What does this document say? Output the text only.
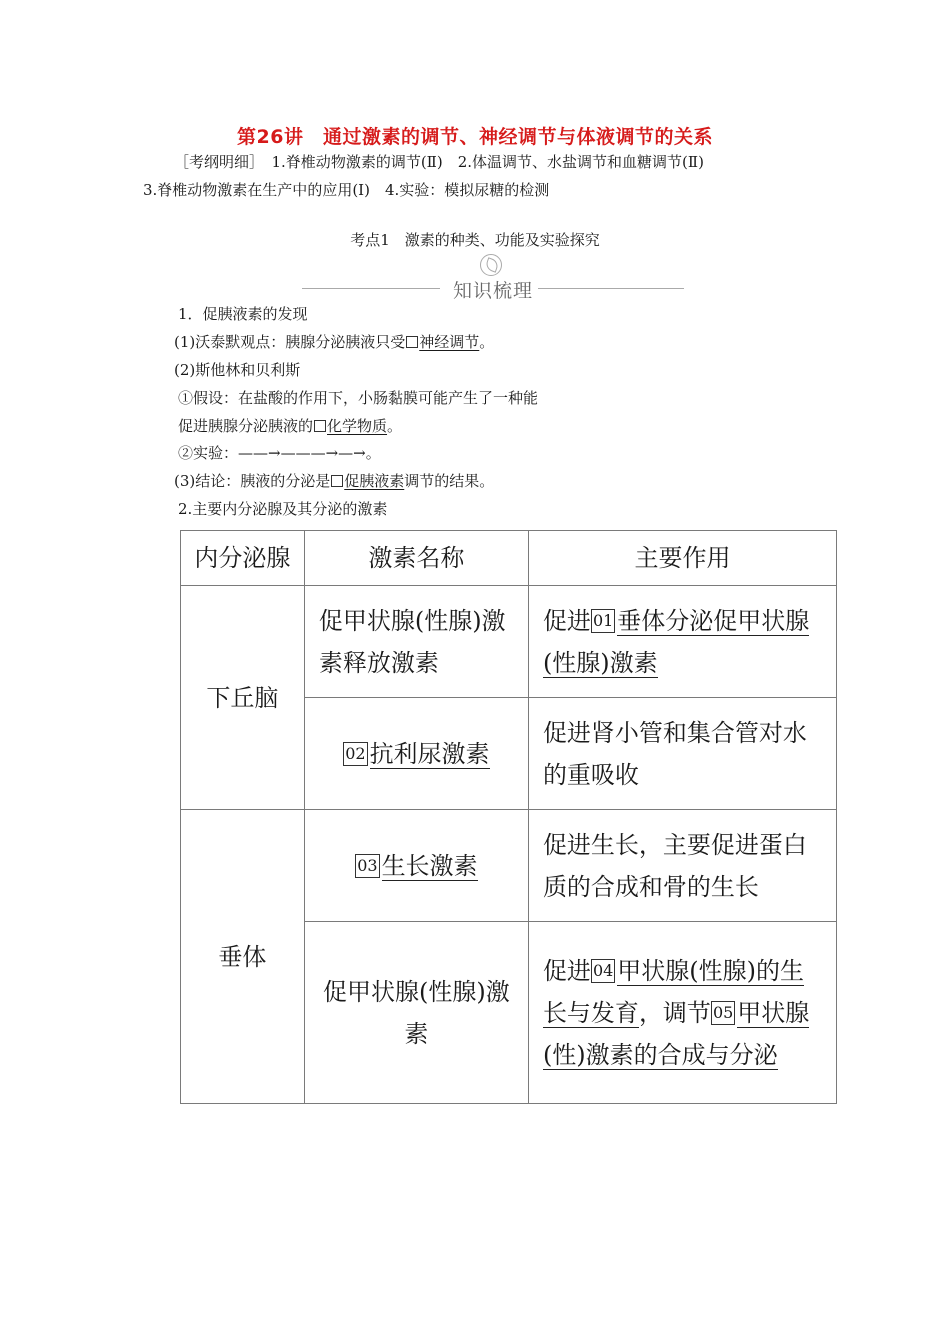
第26讲　通过激素的调节、神经调节与体液调节的关系
［考纲明细］　1.脊椎动物激素的调节(Ⅱ)　2.体温调节、水盐调节和血糖调节(Ⅱ)
3.脊椎动物激素在生产中的应用(Ⅰ)　4.实验：模拟尿糖的检测
考点1　激素的种类、功能及实验探究
知识梳理
1．促胰液素的发现
(1)沃泰默观点：胰腺分泌胰液只受 神经调节。
(2)斯他林和贝利斯
①假设：在盐酸的作用下，小肠黏膜可能产生了一种能
促进胰腺分泌胰液的 化学物质。
②实验：——→———→—→。
(3)结论：胰液的分泌是 促胰液素调节的结果。
2.主要内分泌腺及其分泌的激素
内分泌腺	激素名称	主要作用
下丘脑	促甲状腺(性腺)激素释放激素	促进 01 垂体分泌促甲状腺(性腺)激素
	02 抗利尿激素	促进肾小管和集合管对水的重吸收
垂体	03 生长激素	促进生长，主要促进蛋白质的合成和骨的生长
	促甲状腺(性腺)激素	促进 04 甲状腺(性腺)的生长与发育，调节 05 甲状腺(性)激素的合成与分泌
